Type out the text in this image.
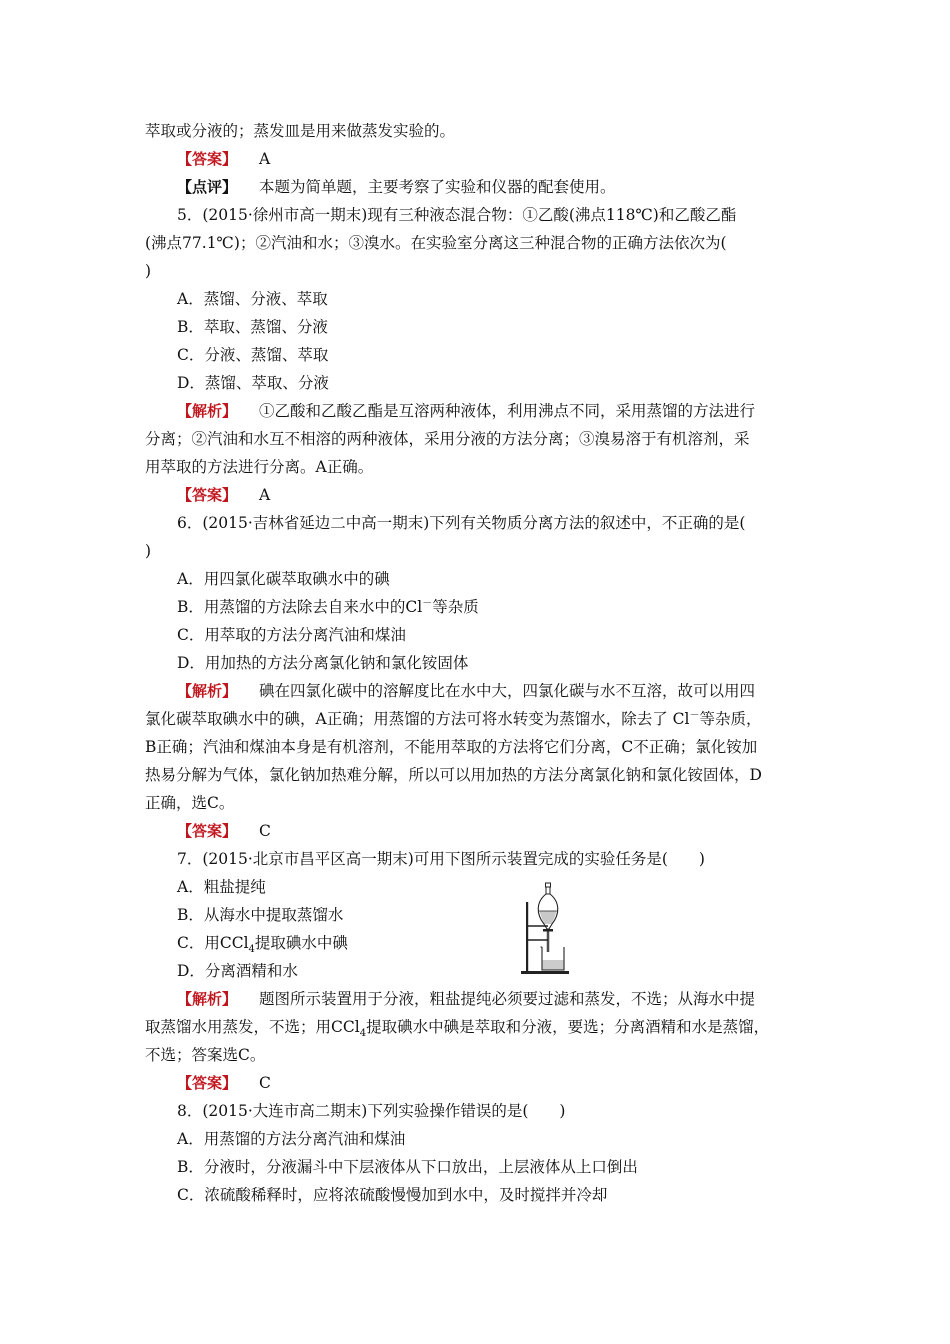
萃取或分液的；蒸发皿是用来做蒸发实验的。
【答案】 A
【点评】 本题为简单题，主要考察了实验和仪器的配套使用。
5．(2015·徐州市高一期末)现有三种液态混合物：①乙酸(沸点118℃)和乙酸乙酯
(沸点77.1℃)；②汽油和水；③溴水。在实验室分离这三种混合物的正确方法依次为(
)
A．蒸馏、分液、萃取
B．萃取、蒸馏、分液
C．分液、蒸馏、萃取
D．蒸馏、萃取、分液
【解析】 ①乙酸和乙酸乙酯是互溶两种液体，利用沸点不同，采用蒸馏的方法进行
分离；②汽油和水互不相溶的两种液体，采用分液的方法分离；③溴易溶于有机溶剂，采
用萃取的方法进行分离。A正确。
【答案】 A
6．(2015·吉林省延边二中高一期末)下列有关物质分离方法的叙述中，不正确的是(
)
A．用四氯化碳萃取碘水中的碘
B．用蒸馏的方法除去自来水中的Cl－等杂质
C．用萃取的方法分离汽油和煤油
D．用加热的方法分离氯化钠和氯化铵固体
【解析】 碘在四氯化碳中的溶解度比在水中大，四氯化碳与水不互溶，故可以用四
氯化碳萃取碘水中的碘，A正确；用蒸馏的方法可将水转变为蒸馏水，除去了 Cl－等杂质，
B正确；汽油和煤油本身是有机溶剂，不能用萃取的方法将它们分离，C不正确；氯化铵加
热易分解为气体，氯化钠加热难分解，所以可以用加热的方法分离氯化钠和氯化铵固体，D
正确，选C。
【答案】 C
7．(2015·北京市昌平区高一期末)可用下图所示装置完成的实验任务是(　　)
A．粗盐提纯
B．从海水中提取蒸馏水
C．用CCl$_4$提取碘水中碘
D．分离酒精和水
【解析】 题图所示装置用于分液，粗盐提纯必须要过滤和蒸发，不选；从海水中提
取蒸馏水用蒸发，不选；用CCl$_4$提取碘水中碘是萃取和分液，要选；分离酒精和水是蒸馏，
不选；答案选C。
【答案】 C
8．(2015·大连市高二期末)下列实验操作错误的是(　　)
A．用蒸馏的方法分离汽油和煤油
B．分液时，分液漏斗中下层液体从下口放出，上层液体从上口倒出
C．浓硫酸稀释时，应将浓硫酸慢慢加到水中，及时搅拌并冷却
